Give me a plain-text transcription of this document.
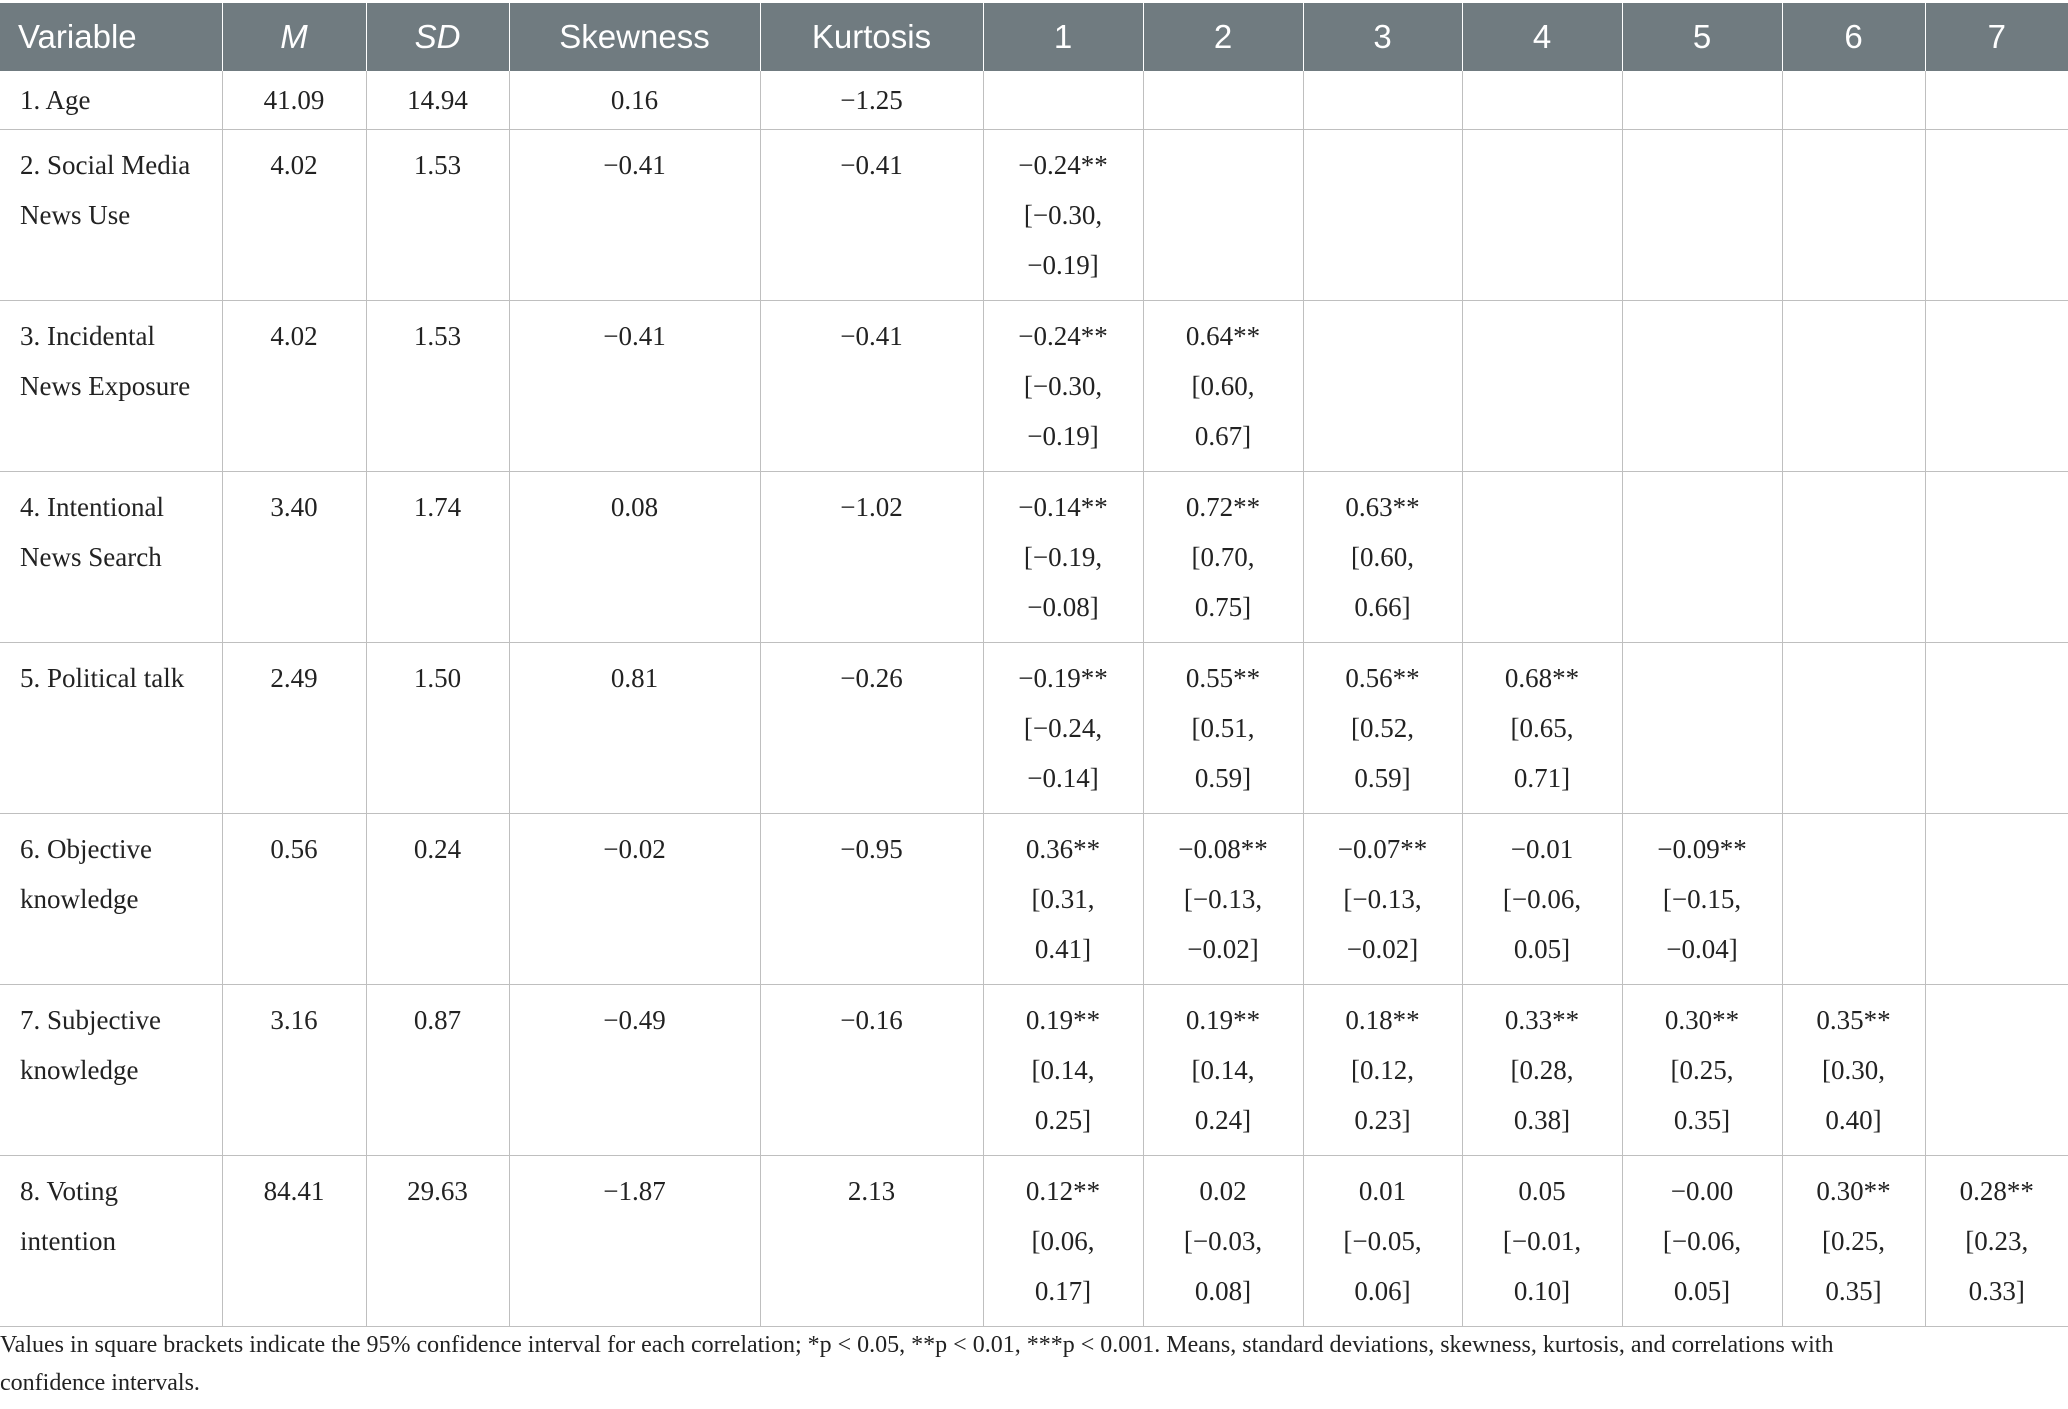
Variable	M	SD	Skewness	Kurtosis	1	2	3	4	5	6	7

1. Age	41.09	14.94	0.16	−1.25							

2. Social Media
News Use	4.02	1.53	−0.41	−0.41	−0.24**
[−0.30,
−0.19]						

3. Incidental
News Exposure	4.02	1.53	−0.41	−0.41	−0.24**
[−0.30,
−0.19]	0.64**
[0.60,
0.67]					

4. Intentional
News Search	3.40	1.74	0.08	−1.02	−0.14**
[−0.19,
−0.08]	0.72**
[0.70,
0.75]	0.63**
[0.60,
0.66]				

5. Political talk	2.49	1.50	0.81	−0.26	−0.19**
[−0.24,
−0.14]	0.55**
[0.51,
0.59]	0.56**
[0.52,
0.59]	0.68**
[0.65,
0.71]			

6. Objective
knowledge	0.56	0.24	−0.02	−0.95	0.36**
[0.31,
0.41]	−0.08**
[−0.13,
−0.02]	−0.07**
[−0.13,
−0.02]	−0.01
[−0.06,
0.05]	−0.09**
[−0.15,
−0.04]		

7. Subjective
knowledge	3.16	0.87	−0.49	−0.16	0.19**
[0.14,
0.25]	0.19**
[0.14,
0.24]	0.18**
[0.12,
0.23]	0.33**
[0.28,
0.38]	0.30**
[0.25,
0.35]	0.35**
[0.30,
0.40]	

8. Voting
intention	84.41	29.63	−1.87	2.13	0.12**
[0.06,
0.17]	0.02
[−0.03,
0.08]	0.01
[−0.05,
0.06]	0.05
[−0.01,
0.10]	−0.00
[−0.06,
0.05]	0.30**
[0.25,
0.35]	0.28**
[0.23,
0.33]
Values in square brackets indicate the 95% confidence interval for each correlation; *p < 0.05, **p < 0.01, ***p < 0.001. Means, standard deviations, skewness, kurtosis, and correlations with
confidence intervals.
